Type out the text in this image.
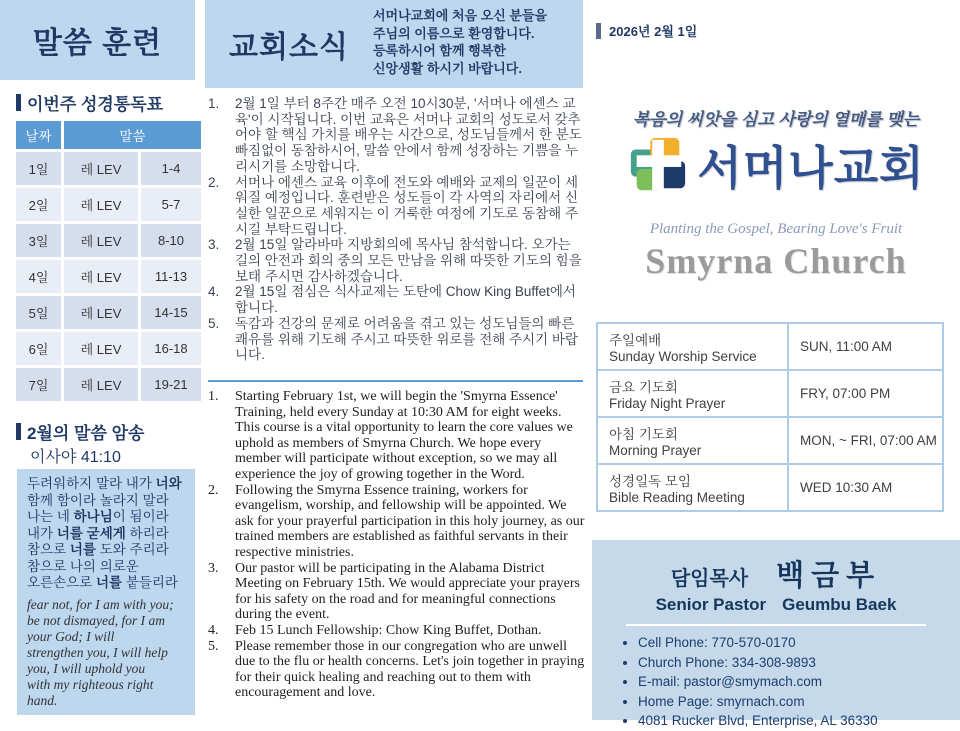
말씀 훈련
이번주 성경통독표
날짜	말씀	
1일	레 LEV	1-4
2일	레 LEV	5-7
3일	레 LEV	8-10
4일	레 LEV	11-13
5일	레 LEV	14-15
6일	레 LEV	16-18
7일	레 LEV	19-21
2월의 말씀 암송
이사야 41:10
두려워하지 말라 내가 너와
함께 함이라 놀라지 말라
나는 네 하나님이 됨이라
내가 너를 굳세게 하리라
참으로 너를 도와 주리라
참으로 나의 의로운
오른손으로 너를 붙들리라
fear not, for I am with you;
be not dismayed, for I am
your God; I will
strengthen you, I will help
you, I will uphold you
with my righteous right
hand.
교회소식
서머나교회에 처음 오신 분들을
주님의 이름으로 환영합니다.
등록하시어 함께 행복한
신앙생활 하시기 바랍니다.
1.	2월 1일 부터 8주간 매주 오전 10시30분, '서머나 에센스 교육'이 시작됩니다. 이번 교육은 서머나 교회의 성도로서 갖추어야 할 핵심 가치를 배우는 시간으로, 성도님들께서 한 분도 빠짐없이 동참하시어, 말씀 안에서 함께 성장하는 기쁨을 누리시기를 소망합니다.
2.	서머나 에센스 교육 이후에 전도와 예배와 교제의 일꾼이 세워질 예정입니다. 훈련받은 성도들이 각 사역의 자리에서 신실한 일꾼으로 세워지는 이 거룩한 여정에 기도로 동참해 주시길 부탁드립니다.
3.	2월 15일 알라바마 지방회의에 목사님 참석합니다. 오가는 길의 안전과 회의 중의 모든 만남을 위해 따뜻한 기도의 힘을 보태 주시면 감사하겠습니다.
4.	2월 15일 점심은 식사교제는 도탄에 Chow King Buffet에서 합니다.
5.	독감과 건강의 문제로 어려움을 겪고 있는 성도님들의 빠른 쾌유를 위해 기도해 주시고 따뜻한 위로를 전해 주시기 바랍니다.
1.	Starting February 1st, we will begin the 'Smyrna Essence' Training, held every Sunday at 10:30 AM for eight weeks. This course is a vital opportunity to learn the core values we uphold as members of Smyrna Church. We hope every member will participate without exception, so we may all experience the joy of growing together in the Word.
2.	Following the Smyrna Essence training, workers for evangelism, worship, and fellowship will be appointed. We ask for your prayerful participation in this holy journey, as our trained members are established as faithful servants in their respective ministries.
3.	Our pastor will be participating in the Alabama District Meeting on February 15th. We would appreciate your prayers for his safety on the road and for meaningful connections during the event.
4.	Feb 15 Lunch Fellowship: Chow King Buffet, Dothan.
5.	Please remember those in our congregation who are unwell due to the flu or health concerns. Let's join together in praying for their quick healing and reaching out to them with encouragement and love.
2026년 2월 1일
복음의 씨앗을 심고 사랑의 열매를 맺는
서머나교회
Planting the Gospel, Bearing Love's Fruit
Smyrna Church
주일예배
Sunday Worship Service
SUN, 11:00 AM
금요 기도회
Friday Night Prayer
FRY, 07:00 PM
아침 기도회
Morning Prayer
MON, ~ FRI, 07:00 AM
성경일독 모임
Bible Reading Meeting
WED 10:30 AM
담임목사 백금부
Senior Pastor Geumbu Baek
• Cell Phone: 770-570-0170
• Church Phone: 334-308-9893
• E-mail: pastor@smymach.com
• Home Page: smyrnach.com
• 4081 Rucker Blvd, Enterprise, AL 36330
